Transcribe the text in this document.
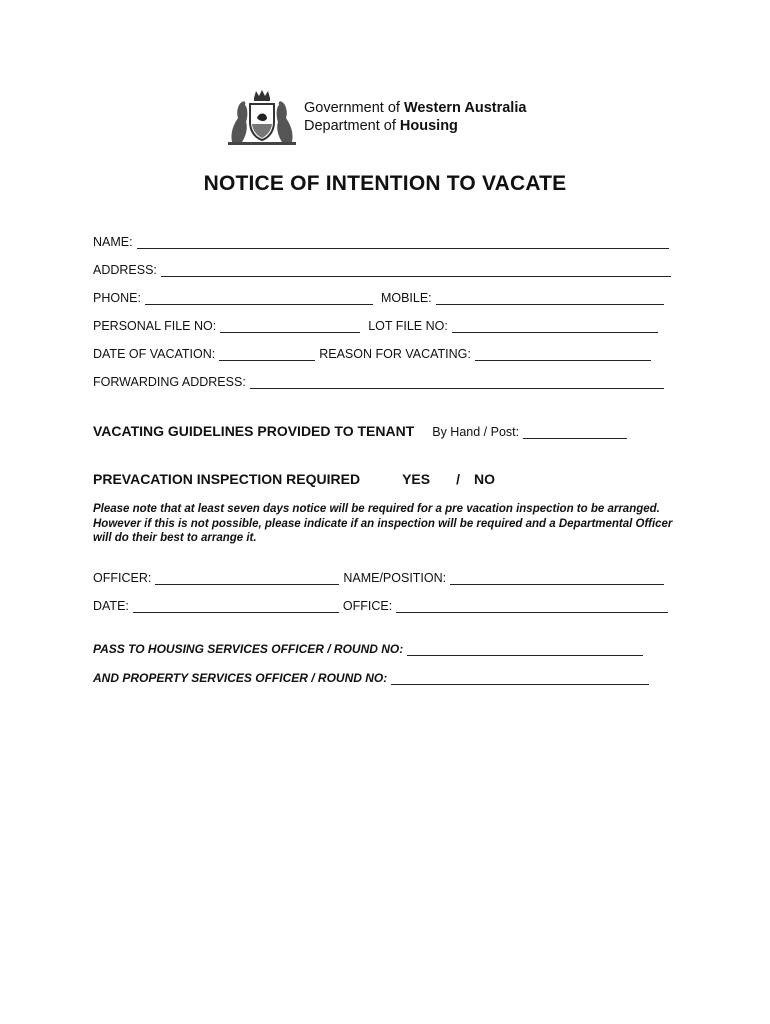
Government of Western Australia
Department of Housing
NOTICE OF INTENTION TO VACATE
NAME:
ADDRESS:
PHONE:	MOBILE:
PERSONAL FILE NO:	LOT FILE NO:
DATE OF VACATION:	REASON FOR VACATING:
FORWARDING ADDRESS:
VACATING GUIDELINES PROVIDED TO TENANT By Hand / Post:
PREVACATION INSPECTION REQUIRED	YES / NO
Please note that at least seven days notice will be required for a pre vacation inspection to be arranged. However if this is not possible, please indicate if an inspection will be required and a Departmental Officer will do their best to arrange it.
OFFICER:	NAME/POSITION:
DATE:	OFFICE:
PASS TO HOUSING SERVICES OFFICER / ROUND NO:
AND PROPERTY SERVICES OFFICER / ROUND NO:
